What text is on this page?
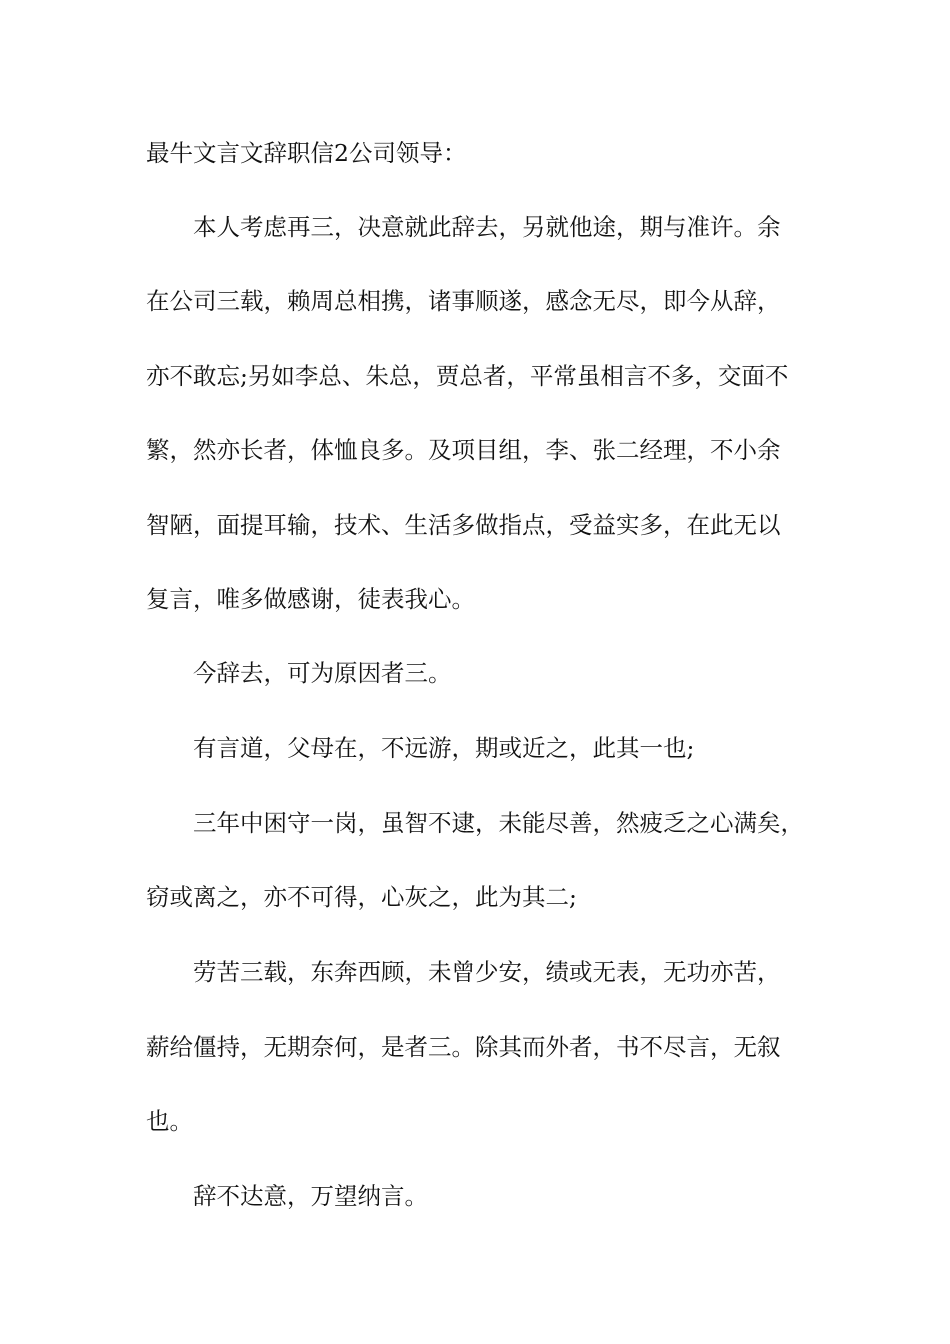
最牛文言文辞职信2公司领导：
本人考虑再三，决意就此辞去，另就他途，期与准许。余
在公司三载，赖周总相携，诸事顺遂，感念无尽，即今从辞，
亦不敢忘;另如李总、朱总，贾总者，平常虽相言不多，交面不
繁，然亦长者，体恤良多。及项目组，李、张二经理，不小余
智陋，面提耳输，技术、生活多做指点，受益实多，在此无以
复言，唯多做感谢，徒表我心。
今辞去，可为原因者三。
有言道，父母在，不远游，期或近之，此其一也;
三年中困守一岗，虽智不逮，未能尽善，然疲乏之心满矣，
窃或离之，亦不可得，心灰之，此为其二;
劳苦三载，东奔西顾，未曾少安，绩或无表，无功亦苦，
薪给僵持，无期奈何，是者三。除其而外者，书不尽言，无叙
也。
辞不达意，万望纳言。
